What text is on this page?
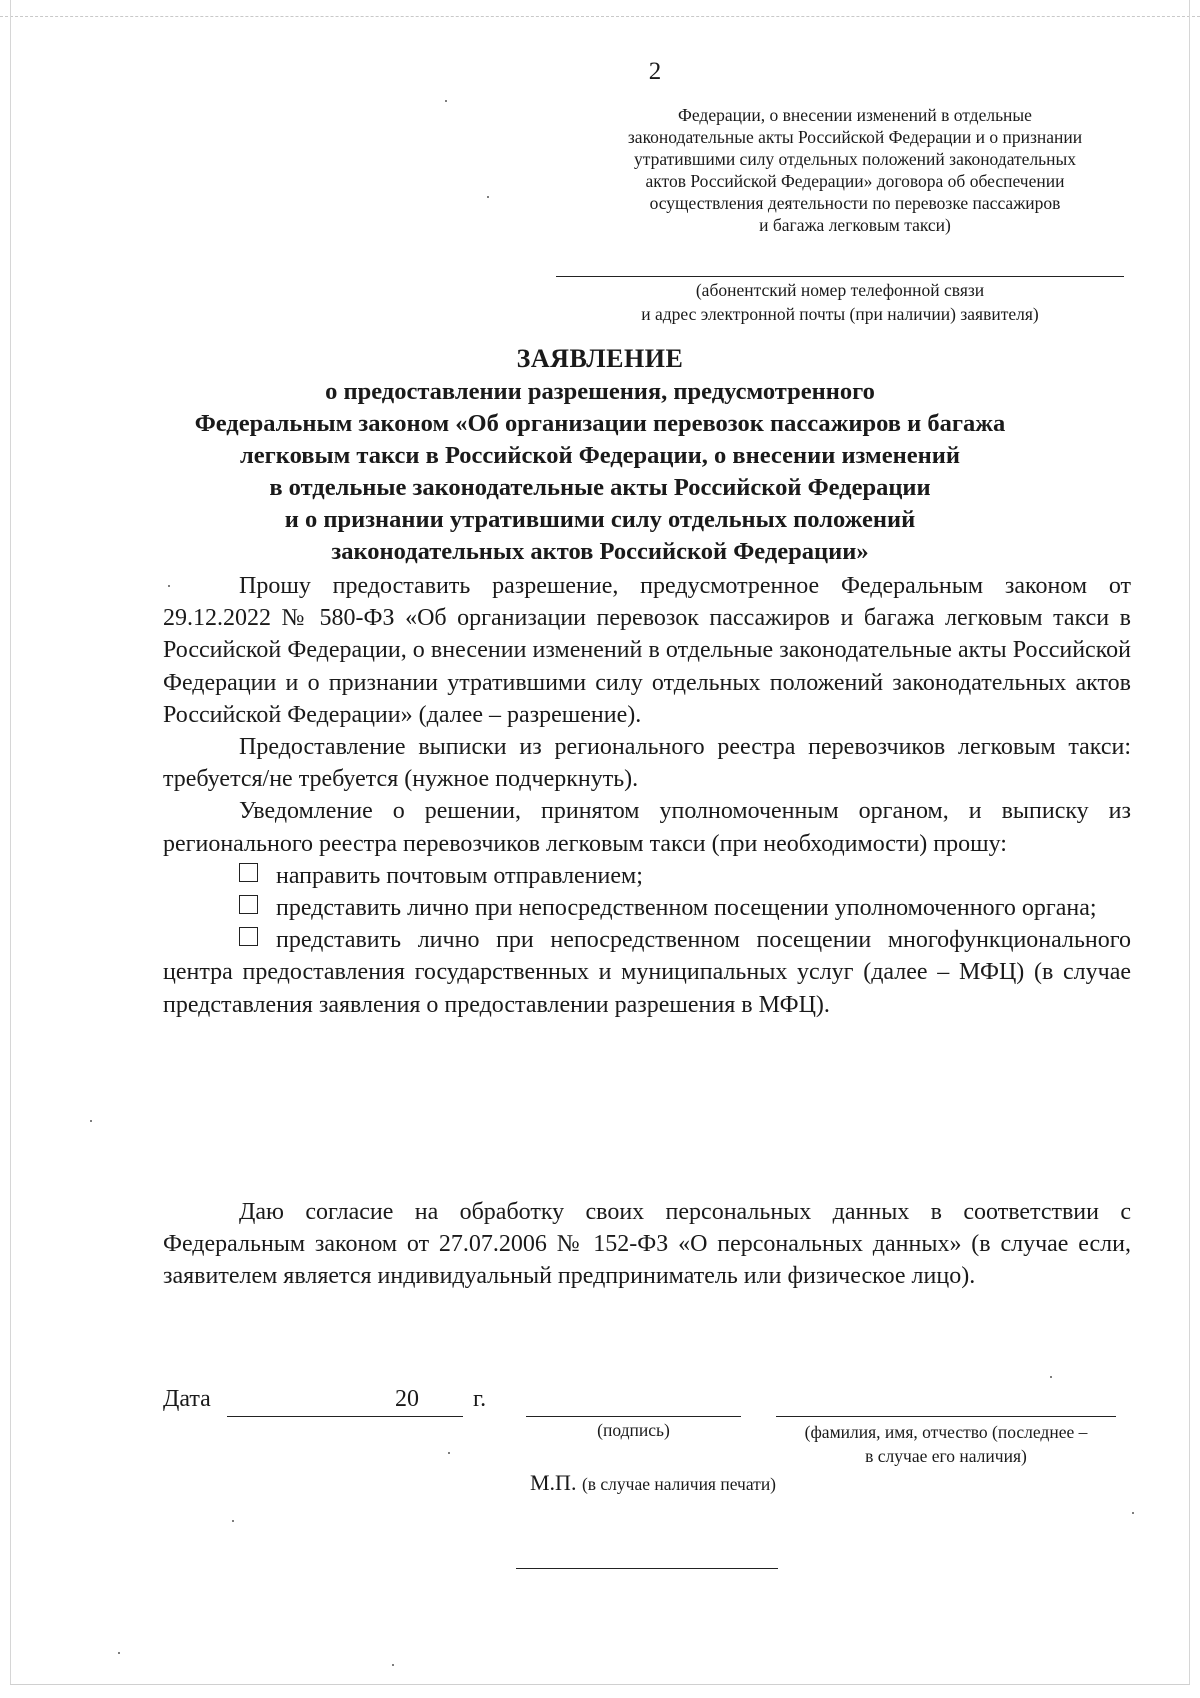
2
Федерации, о внесении изменений в отдельные
законодательные акты Российской Федерации и о признании
утратившими силу отдельных положений законодательных
актов Российской Федерации» договора об обеспечении
осуществления деятельности по перевозке пассажиров
и багажа легковым такси)
(абонентский номер телефонной связи
и адрес электронной почты (при наличии) заявителя)
ЗАЯВЛЕНИЕ
о предоставлении разрешения, предусмотренного
Федеральным законом «Об организации перевозок пассажиров и багажа
легковым такси в Российской Федерации, о внесении изменений
в отдельные законодательные акты Российской Федерации
и о признании утратившими силу отдельных положений
законодательных актов Российской Федерации»

Прошу предоставить разрешение, предусмотренное Федеральным законом от 29.12.2022 № 580-ФЗ «Об организации перевозок пассажиров и багажа легковым такси в Российской Федерации, о внесении изменений в отдельные законодательные акты Российской Федерации и о признании утратившими силу отдельных положений законодательных актов Российской Федерации» (далее – разрешение).

Предоставление выписки из регионального реестра перевозчиков легковым такси: требуется/не требуется (нужное подчеркнуть).

Уведомление о решении, принятом уполномоченным органом, и выписку из регионального реестра перевозчиков легковым такси (при необходимости) прошу:

направить почтовым отправлением;

представить лично при непосредственном посещении уполномоченного органа;

представить лично при непосредственном посещении многофункционального центра предоставления государственных и муниципальных услуг (далее – МФЦ) (в случае представления заявления о предоставлении разрешения в МФЦ).

Даю согласие на обработку своих персональных данных в соответствии с Федеральным законом от 27.07.2006 № 152-ФЗ «О персональных данных» (в случае если, заявителем является индивидуальный предприниматель или физическое лицо).

Дата	20 г.
(подпись)	(фамилия, имя, отчество (последнее –
в случае его наличия)
М.П. (в случае наличия печати)
